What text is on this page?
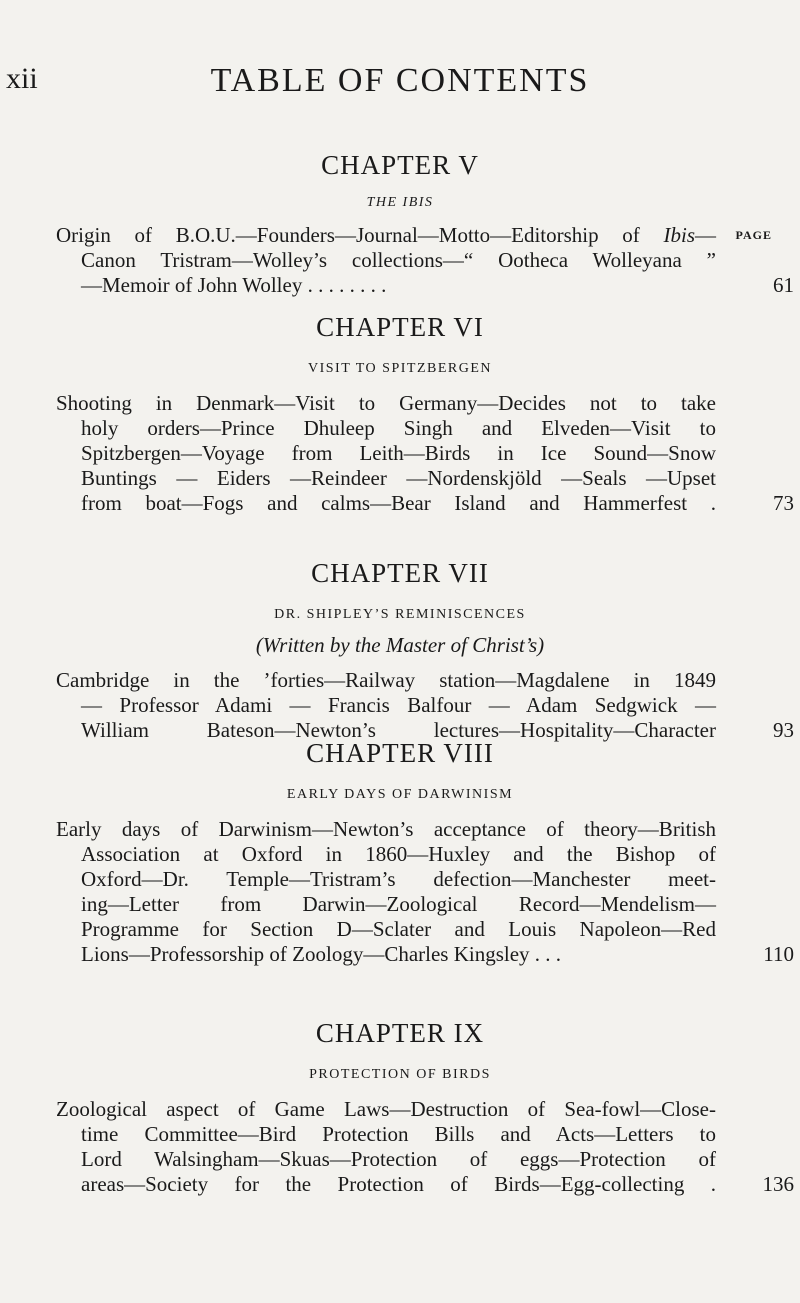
xii	TABLE OF CONTENTS
CHAPTER V
THE IBIS
PAGE
Origin of B.O.U.—Founders—Journal—Motto—Editorship of Ibis—
Canon Tristram—Wolley’s collections—“ Ootheca Wolleyana ”
—Memoir of John Wolley . . . . . . . .	61
CHAPTER VI
VISIT TO SPITZBERGEN
Shooting in Denmark—Visit to Germany—Decides not to take
holy orders—Prince Dhuleep Singh and Elveden—Visit to
Spitzbergen—Voyage from Leith—Birds in Ice Sound—Snow
Buntings — Eiders —Reindeer —Nordenskjöld —Seals —Upset
from boat—Fogs and calms—Bear Island and Hammerfest .	73
CHAPTER VII
DR. SHIPLEY’S REMINISCENCES
(Written by the Master of Christ’s)
Cambridge in the ’forties—Railway station—Magdalene in 1849
— Professor Adami — Francis Balfour — Adam Sedgwick —
William Bateson—Newton’s lectures—Hospitality—Character	93
CHAPTER VIII
EARLY DAYS OF DARWINISM
Early days of Darwinism—Newton’s acceptance of theory—British
Association at Oxford in 1860—Huxley and the Bishop of
Oxford—Dr. Temple—Tristram’s defection—Manchester meet-
ing—Letter from Darwin—Zoological Record—Mendelism—
Programme for Section D—Sclater and Louis Napoleon—Red
Lions—Professorship of Zoology—Charles Kingsley . . .	110
CHAPTER IX
PROTECTION OF BIRDS
Zoological aspect of Game Laws—Destruction of Sea-fowl—Close-
time Committee—Bird Protection Bills and Acts—Letters to
Lord Walsingham—Skuas—Protection of eggs—Protection of
areas—Society for the Protection of Birds—Egg-collecting .	136
